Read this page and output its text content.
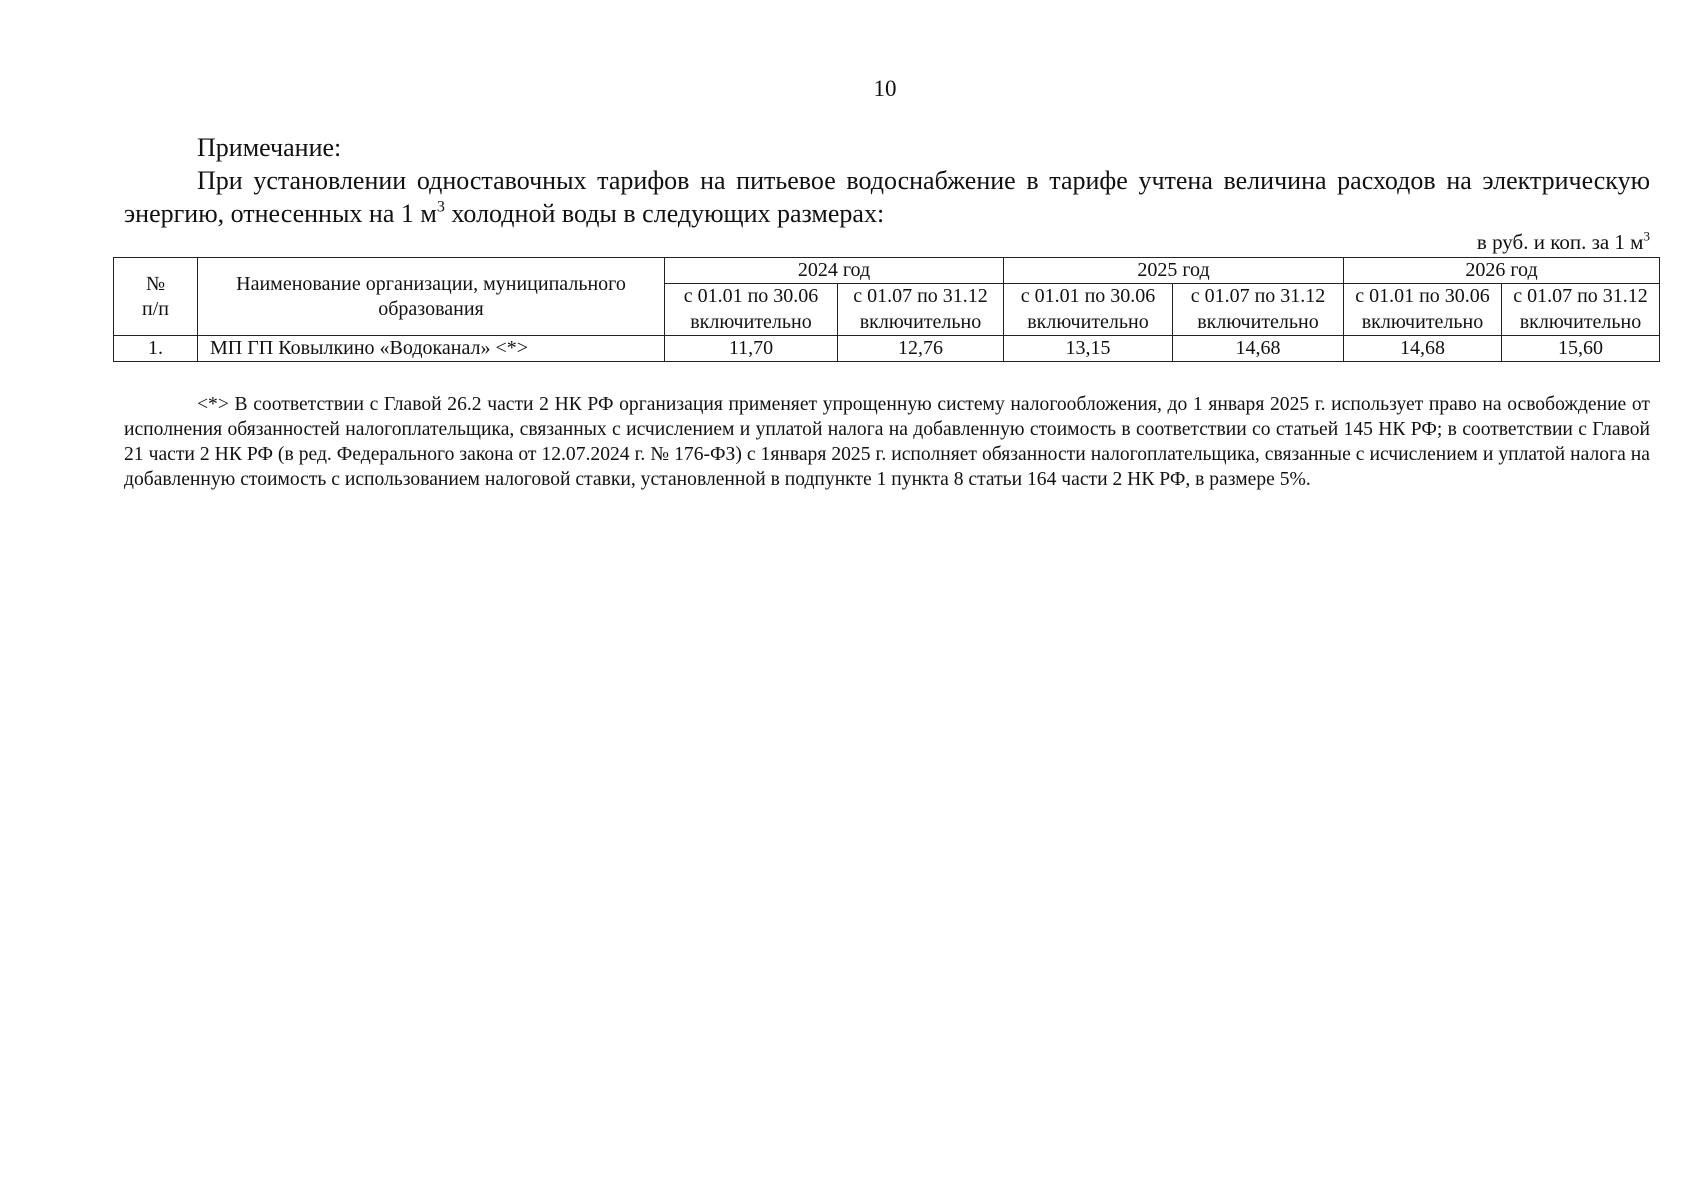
10
Примечание:
При установлении одноставочных тарифов на питьевое водоснабжение в тарифе учтена величина расходов на электрическую энергию, отнесенных на 1 $м^3$ холодной воды в следующих размерах:
в руб. и коп. за 1 $м^3$
№ п/п	Наименование организации, муниципального образования	2024 год		2025 год		2026 год	
		с 01.01 по 30.06 включительно	с 01.07 по 31.12 включительно	с 01.01 по 30.06 включительно	с 01.07 по 31.12 включительно	с 01.01 по 30.06 включительно	с 01.07 по 31.12 включительно
1.	МП ГП Ковылкино «Водоканал» <*>	11,70	12,76	13,15	14,68	14,68	15,60
<*> В соответствии с Главой 26.2 части 2 НК РФ организация применяет упрощенную систему налогообложения, до 1 января 2025 г. использует право на освобождение от исполнения обязанностей налогоплательщика, связанных с исчислением и уплатой налога на добавленную стоимость в соответствии со статьей 145 НК РФ; в соответствии с Главой 21 части 2 НК РФ (в ред. Федерального закона от 12.07.2024 г. № 176-ФЗ) с 1января 2025 г. исполняет обязанности налогоплательщика, связанные с исчислением и уплатой налога на добавленную стоимость с использованием налоговой ставки, установленной в подпункте 1 пункта 8 статьи 164 части 2 НК РФ, в размере 5%.
